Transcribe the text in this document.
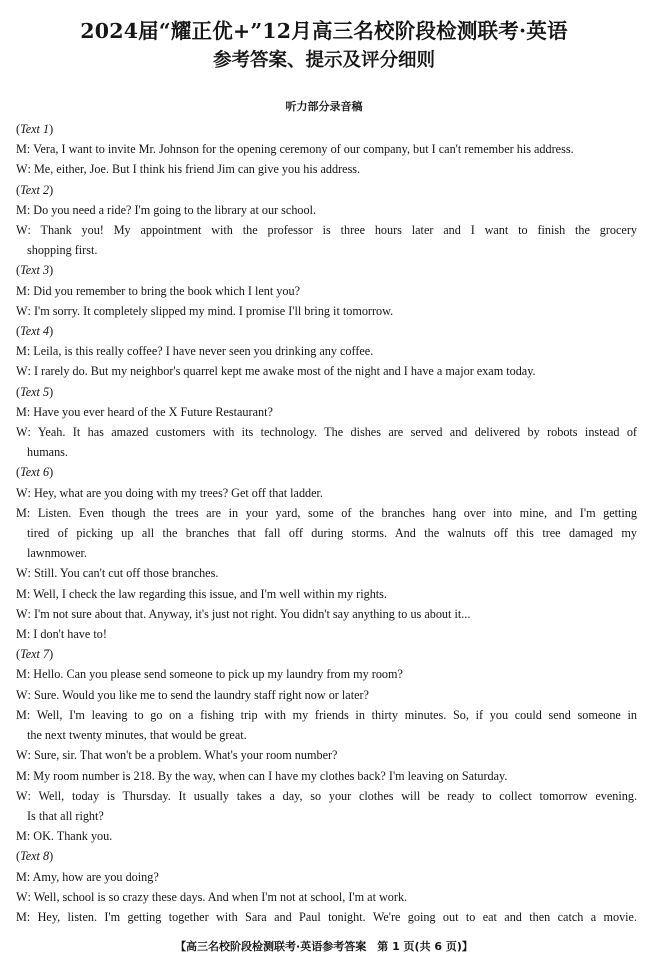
2024届“耀正优+”12月高三名校阶段检测联考·英语
参考答案、提示及评分细则
听力部分录音稿
(Text 1)
M: Vera, I want to invite Mr. Johnson for the opening ceremony of our company, but I can't remember his address.
W: Me, either, Joe. But I think his friend Jim can give you his address.
(Text 2)
M: Do you need a ride? I'm going to the library at our school.
W: Thank you! My appointment with the professor is three hours later and I want to finish the grocery
shopping first.
(Text 3)
M: Did you remember to bring the book which I lent you?
W: I'm sorry. It completely slipped my mind. I promise I'll bring it tomorrow.
(Text 4)
M: Leila, is this really coffee? I have never seen you drinking any coffee.
W: I rarely do. But my neighbor's quarrel kept me awake most of the night and I have a major exam today.
(Text 5)
M: Have you ever heard of the X Future Restaurant?
W: Yeah. It has amazed customers with its technology. The dishes are served and delivered by robots instead of
humans.
(Text 6)
W: Hey, what are you doing with my trees? Get off that ladder.
M: Listen. Even though the trees are in your yard, some of the branches hang over into mine, and I'm getting
tired of picking up all the branches that fall off during storms. And the walnuts off this tree damaged my
lawnmower.
W: Still. You can't cut off those branches.
M: Well, I check the law regarding this issue, and I'm well within my rights.
W: I'm not sure about that. Anyway, it's just not right. You didn't say anything to us about it...
M: I don't have to!
(Text 7)
M: Hello. Can you please send someone to pick up my laundry from my room?
W: Sure. Would you like me to send the laundry staff right now or later?
M: Well, I'm leaving to go on a fishing trip with my friends in thirty minutes. So, if you could send someone in
the next twenty minutes, that would be great.
W: Sure, sir. That won't be a problem. What's your room number?
M: My room number is 218. By the way, when can I have my clothes back? I'm leaving on Saturday.
W: Well, today is Thursday. It usually takes a day, so your clothes will be ready to collect tomorrow evening.
Is that all right?
M: OK. Thank you.
(Text 8)
M: Amy, how are you doing?
W: Well, school is so crazy these days. And when I'm not at school, I'm at work.
M: Hey, listen. I'm getting together with Sara and Paul tonight. We're going out to eat and then catch a movie.
【高三名校阶段检测联考·英语参考答案　第 1 页(共 6 页)】
